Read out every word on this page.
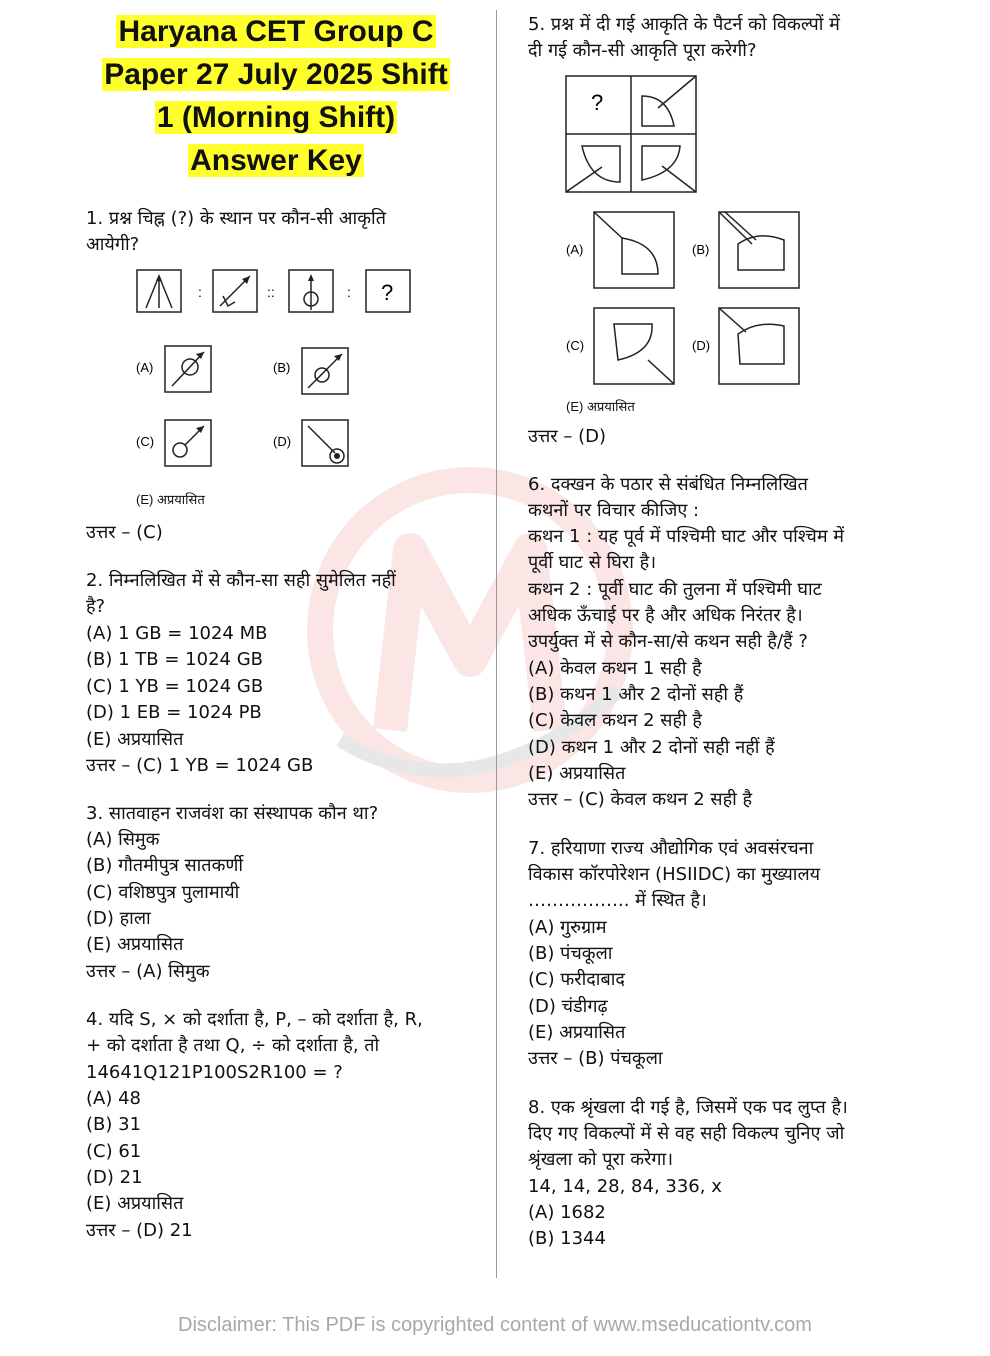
Haryana CET Group C
Paper 27 July 2025 Shift
1 (Morning Shift)
Answer Key
1. प्रश्न चिह्न (?) के स्थान पर कौन-सी आकृति
आयेगी?
:	::	: ?
(A)	(B)
(C)	(D)
(E) अप्रयासित
उत्तर – (C)
2. निम्नलिखित में से कौन-सा सही सुमेलित नहीं
है?
(A) 1 GB = 1024 MB
(B) 1 TB = 1024 GB
(C) 1 YB = 1024 GB
(D) 1 EB = 1024 PB
(E) अप्रयासित
उत्तर – (C) 1 YB = 1024 GB
3. सातवाहन राजवंश का संस्थापक कौन था?
(A) सिमुक
(B) गौतमीपुत्र सातकर्णी
(C) वशिष्ठपुत्र पुलामायी
(D) हाला
(E) अप्रयासित
उत्तर – (A) सिमुक
4. यदि S, × को दर्शाता है, P, – को दर्शाता है, R,
+ को दर्शाता है तथा Q, ÷ को दर्शाता है, तो
14641Q121P100S2R100 = ?
(A) 48
(B) 31
(C) 61
(D) 21
(E) अप्रयासित
उत्तर – (D) 21
5. प्रश्न में दी गई आकृति के पैटर्न को विकल्पों में
दी गई कौन-सी आकृति पूरा करेगी?
?
(A)	(B)
(C)	(D)
(E) अप्रयासित
उत्तर – (D)
6. दक्खन के पठार से संबंधित निम्नलिखित
कथनों पर विचार कीजिए :
कथन 1 : यह पूर्व में पश्चिमी घाट और पश्चिम में
पूर्वी घाट से घिरा है।
कथन 2 : पूर्वी घाट की तुलना में पश्चिमी घाट
अधिक ऊँचाई पर है और अधिक निरंतर है।
उपर्युक्त में से कौन-सा/से कथन सही है/हैं ?
(A) केवल कथन 1 सही है
(B) कथन 1 और 2 दोनों सही हैं
(C) केवल कथन 2 सही है
(D) कथन 1 और 2 दोनों सही नहीं हैं
(E) अप्रयासित
उत्तर – (C) केवल कथन 2 सही है
7. हरियाणा राज्य औद्योगिक एवं अवसंरचना
विकास कॉरपोरेशन (HSIIDC) का मुख्यालय
…………….. में स्थित है।
(A) गुरुग्राम
(B) पंचकूला
(C) फरीदाबाद
(D) चंडीगढ़
(E) अप्रयासित
उत्तर – (B) पंचकूला
8. एक श्रृंखला दी गई है, जिसमें एक पद लुप्त है।
दिए गए विकल्पों में से वह सही विकल्प चुनिए जो
श्रृंखला को पूरा करेगा।
14, 14, 28, 84, 336, x
(A) 1682
(B) 1344
Disclaimer: This PDF is copyrighted content of www.mseducationtv.com
